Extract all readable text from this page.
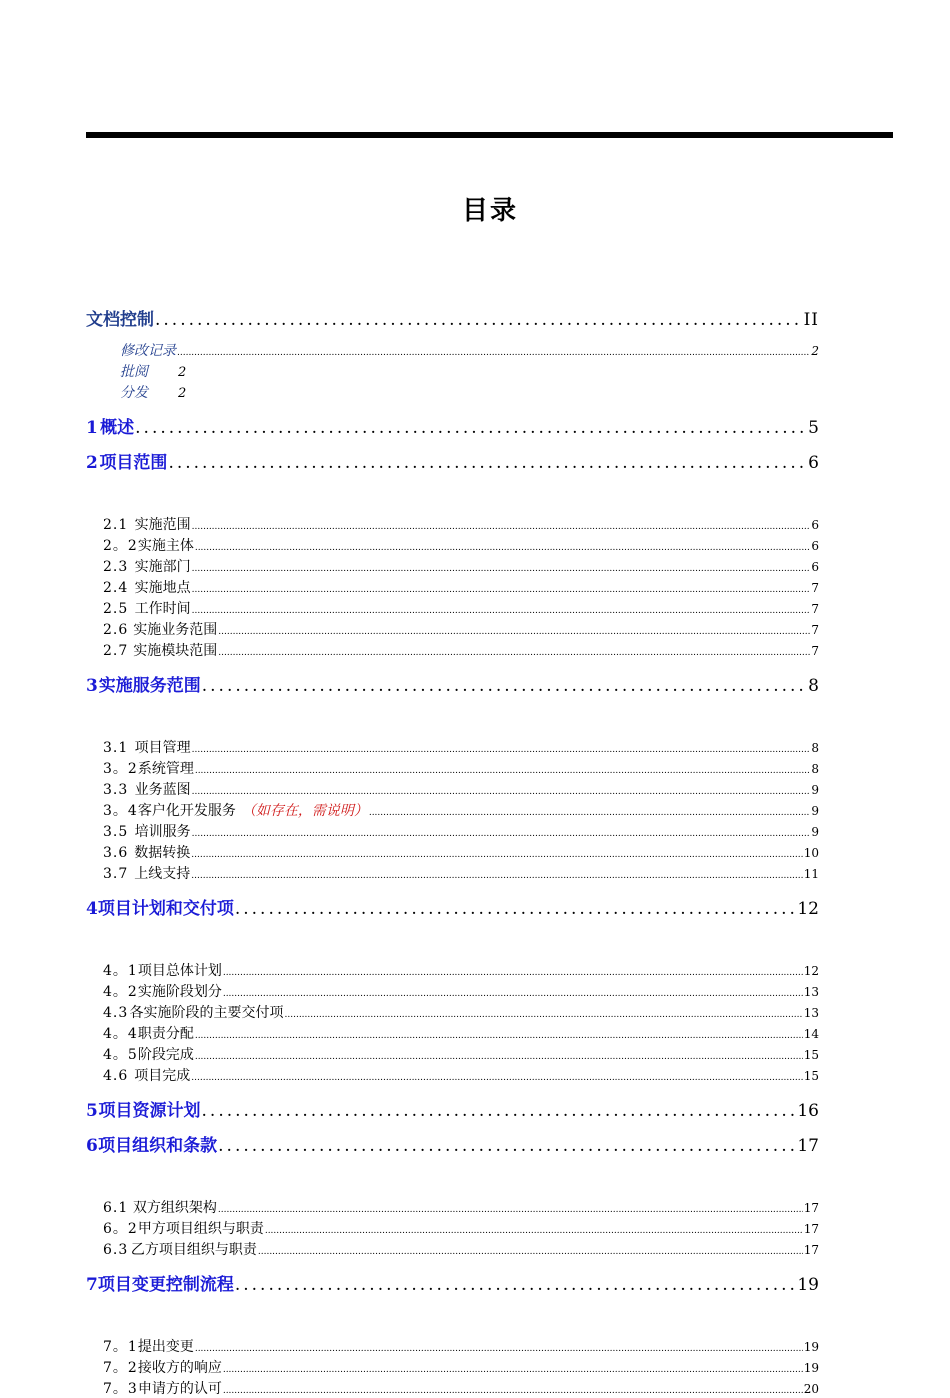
目录
文档控制 .....	II
修改记录 .....	2
批阅 2
分发 2
1 概述 .....	5
2 项目范围 .....	6
2.1 实施范围 .....	6
2。2 实施主体 .....	6
2.3 实施部门 .....	6
2.4 实施地点 .....	7
2.5 工作时间 .....	7
2.6 实施业务范围 .....	7
2.7 实施模块范围 .....	7
3 实施服务范围 .....	8
3.1 项目管理 .....	8
3。2 系统管理 .....	8
3.3 业务蓝图 .....	9
3。4 客户化开发服务 （如存在，需说明） .....	9
3.5 培训服务 .....	9
3.6 数据转换 .....	10
3.7 上线支持 .....	11
4 项目计划和交付项 .....	12
4。1 项目总体计划 .....	12
4。2 实施阶段划分 .....	13
4.3 各实施阶段的主要交付项 .....	13
4。4 职责分配 .....	14
4。5 阶段完成 .....	15
4.6 项目完成 .....	15
5 项目资源计划 .....	16
6 项目组织和条款 .....	17
6.1 双方组织架构 .....	17
6。2 甲方项目组织与职责 .....	17
6.3 乙方项目组织与职责 .....	17
7 项目变更控制流程 .....	19
7。1 提出变更 .....	19
7。2 接收方的响应 .....	19
7。3 申请方的认可 .....	20
